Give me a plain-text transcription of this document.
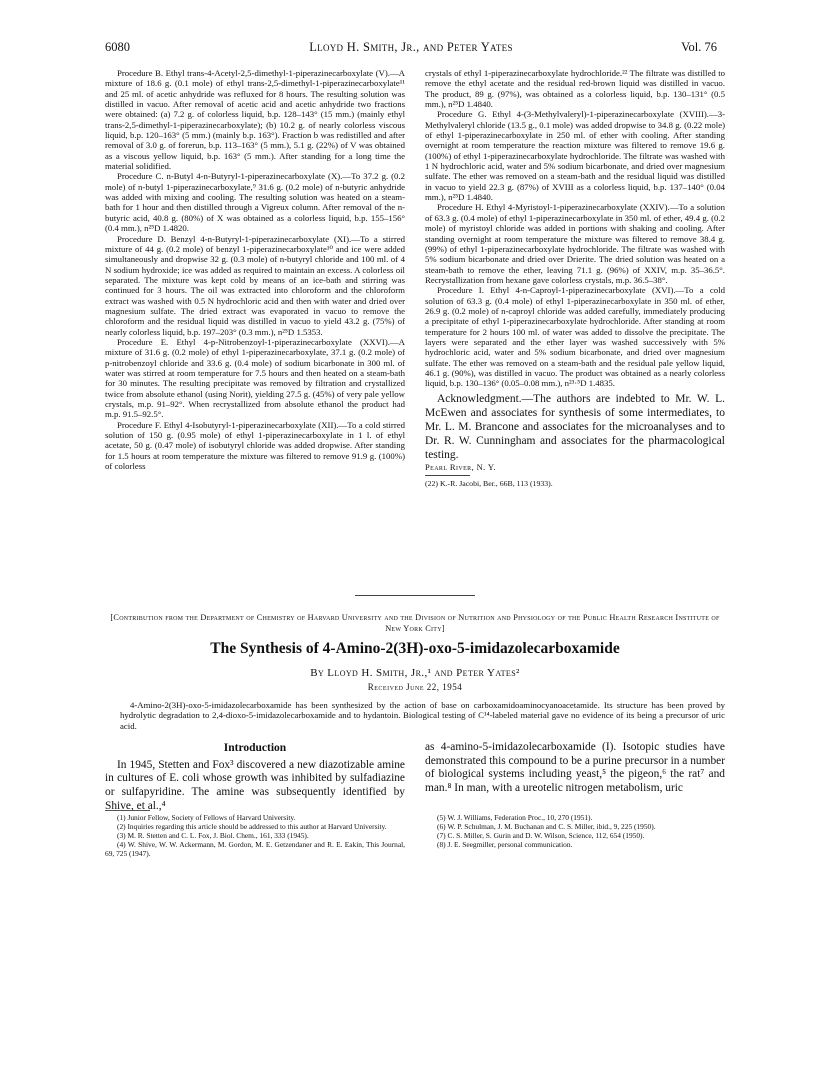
6080	Lloyd H. Smith, Jr., and Peter Yates	Vol. 76

Procedure B. Ethyl trans-4-Acetyl-2,5-dimethyl-1-piperazinecarboxylate (V).—A mixture of 18.6 g. (0.1 mole) of ethyl trans-2,5-dimethyl-1-piperazinecarboxylate¹¹ and 25 ml. of acetic anhydride was refluxed for 8 hours. The resulting solution was distilled in vacuo. After removal of acetic acid and acetic anhydride two fractions were obtained: (a) 7.2 g. of colorless liquid, b.p. 128–143° (15 mm.) (mainly ethyl trans-2,5-dimethyl-1-piperazinecarboxylate); (b) 10.2 g. of nearly colorless viscous liquid, b.p. 120–163° (5 mm.) (mainly b.p. 163°). Fraction b was redistilled and after removal of 3.0 g. of forerun, b.p. 113–163° (5 mm.), 5.1 g. (22%) of V was obtained as a viscous yellow liquid, b.p. 163° (5 mm.). After standing for a long time the material solidified.

Procedure C. n-Butyl 4-n-Butyryl-1-piperazinecarboxylate (X).—To 37.2 g. (0.2 mole) of n-butyl 1-piperazinecarboxylate,⁹ 31.6 g. (0.2 mole) of n-butyric anhydride was added with mixing and cooling. The resulting solution was heated on a steam-bath for 1 hour and then distilled through a Vigreux column. After removal of the n-butyric acid, 40.8 g. (80%) of X was obtained as a colorless liquid, b.p. 155–156° (0.4 mm.), n²⁵D 1.4820.

Procedure D. Benzyl 4-n-Butyryl-1-piperazinecarboxylate (XI).—To a stirred mixture of 44 g. (0.2 mole) of benzyl 1-piperazinecarboxylate¹⁰ and ice were added simultaneously and dropwise 32 g. (0.3 mole) of n-butyryl chloride and 100 ml. of 4 N sodium hydroxide; ice was added as required to maintain an excess. A colorless oil separated. The mixture was kept cold by means of an ice-bath and stirring was continued for 3 hours. The oil was extracted into chloroform and the chloroform extract was washed with 0.5 N hydrochloric acid and then with water and dried over magnesium sulfate. The dried extract was evaporated in vacuo to remove the chloroform and the residual liquid was distilled in vacuo to yield 43.2 g. (75%) of nearly colorless liquid, b.p. 197–203° (0.3 mm.), n²⁵D 1.5353.

Procedure E. Ethyl 4-p-Nitrobenzoyl-1-piperazinecarboxylate (XXVI).—A mixture of 31.6 g. (0.2 mole) of ethyl 1-piperazinecarboxylate, 37.1 g. (0.2 mole) of p-nitrobenzoyl chloride and 33.6 g. (0.4 mole) of sodium bicarbonate in 300 ml. of water was stirred at room temperature for 7.5 hours and then heated on a steam-bath for 30 minutes. The resulting precipitate was removed by filtration and crystallized twice from absolute ethanol (using Norit), yielding 27.5 g. (45%) of very pale yellow crystals, m.p. 91–92°. When recrystallized from absolute ethanol the product had m.p. 91.5–92.5°.

Procedure F. Ethyl 4-Isobutyryl-1-piperazinecarboxylate (XII).—To a cold stirred solution of 150 g. (0.95 mole) of ethyl 1-piperazinecarboxylate in 1 l. of ethyl acetate, 50 g. (0.47 mole) of isobutyryl chloride was added dropwise. After standing for 1.5 hours at room temperature the mixture was filtered to remove 91.9 g. (100%) of colorless

crystals of ethyl 1-piperazinecarboxylate hydrochloride.²² The filtrate was distilled to remove the ethyl acetate and the residual red-brown liquid was distilled in vacuo. The product, 89 g. (97%), was obtained as a colorless liquid, b.p. 130–131° (0.5 mm.), n²⁵D 1.4840.

Procedure G. Ethyl 4-(3-Methylvaleryl)-1-piperazinecarboxylate (XVIII).—3-Methylvaleryl chloride (13.5 g., 0.1 mole) was added dropwise to 34.8 g. (0.22 mole) of ethyl 1-piperazinecarboxylate in 250 ml. of ether with cooling. After standing overnight at room temperature the reaction mixture was filtered to remove 19.6 g. (100%) of ethyl 1-piperazinecarboxylate hydrochloride. The filtrate was washed with 1 N hydrochloric acid, water and 5% sodium bicarbonate, and dried over magnesium sulfate. The ether was removed on a steam-bath and the residual liquid was distilled in vacuo to yield 22.3 g. (87%) of XVIII as a colorless liquid, b.p. 137–140° (0.04 mm.), n²⁵D 1.4840.

Procedure H. Ethyl 4-Myristoyl-1-piperazinecarboxylate (XXIV).—To a solution of 63.3 g. (0.4 mole) of ethyl 1-piperazinecarboxylate in 350 ml. of ether, 49.4 g. (0.2 mole) of myristoyl chloride was added in portions with shaking and cooling. After standing overnight at room temperature the mixture was filtered to remove 38.4 g. (99%) of ethyl 1-piperazinecarboxylate hydrochloride. The filtrate was washed with 5% sodium bicarbonate and dried over Drierite. The dried solution was heated on a steam-bath to remove the ether, leaving 71.1 g. (96%) of XXIV, m.p. 35–36.5°. Recrystallization from hexane gave colorless crystals, m.p. 36.5–38°.

Procedure I. Ethyl 4-n-Caproyl-1-piperazinecarboxylate (XVI).—To a cold solution of 63.3 g. (0.4 mole) of ethyl 1-piperazinecarboxylate in 350 ml. of ether, 26.9 g. (0.2 mole) of n-caproyl chloride was added carefully, immediately producing a precipitate of ethyl 1-piperazinecarboxylate hydrochloride. After standing at room temperature for 2 hours 100 ml. of water was added to dissolve the precipitate. The layers were separated and the ether layer was washed successively with 5% hydrochloric acid, water and 5% sodium bicarbonate, and dried over magnesium sulfate. The ether was removed on a steam-bath and the residual pale yellow liquid, 46.1 g. (90%), was distilled in vacuo. The product was obtained as a nearly colorless liquid, b.p. 130–136° (0.05–0.08 mm.), n²³·⁵D 1.4835.

Acknowledgment.—The authors are indebted to Mr. W. L. McEwen and associates for synthesis of some intermediates, to Mr. L. M. Brancone and associates for the microanalyses and to Dr. R. W. Cunningham and associates for the pharmacological testing.

Pearl River, N. Y.

(22) K.-R. Jacobi, Ber., 66B, 113 (1933).

[Contribution from the Department of Chemistry of Harvard University and the Division of Nutrition and Physiology of the Public Health Research Institute of New York City]
The Synthesis of 4-Amino-2(3H)-oxo-5-imidazolecarboxamide
By Lloyd H. Smith, Jr.,¹ and Peter Yates²
Received June 22, 1954
4-Amino-2(3H)-oxo-5-imidazolecarboxamide has been synthesized by the action of base on carboxamidoaminocyanoacetamide. Its structure has been proved by hydrolytic degradation to 2,4-dioxo-5-imidazolecarboxamide and to hydantoin. Biological testing of C¹⁴-labeled material gave no evidence of its being a precursor of uric acid.
Introduction

In 1945, Stetten and Fox³ discovered a new diazotizable amine in cultures of E. coli whose growth was inhibited by sulfadiazine or sulfapyridine. The amine was subsequently identified by Shive, et al.,⁴

as 4-amino-5-imidazolecarboxamide (I). Isotopic studies have demonstrated this compound to be a purine precursor in a number of biological systems including yeast,⁵ the pigeon,⁶ the rat⁷ and man.⁸ In man, with a ureotelic nitrogen metabolism, uric

(1) Junior Fellow, Society of Fellows of Harvard University.
(2) Inquiries regarding this article should be addressed to this author at Harvard University.
(3) M. R. Stetten and C. L. Fox, J. Biol. Chem., 161, 333 (1945).
(4) W. Shive, W. W. Ackermann, M. Gordon, M. E. Getzendaner and R. E. Eakin, This Journal, 69, 725 (1947).
(5) W. J. Williams, Federation Proc., 10, 270 (1951).
(6) W. P. Schulman, J. M. Buchanan and C. S. Miller, ibid., 9, 225 (1950).
(7) C. S. Miller, S. Gurin and D. W. Wilson, Science, 112, 654 (1950).
(8) J. E. Seegmiller, personal communication.
